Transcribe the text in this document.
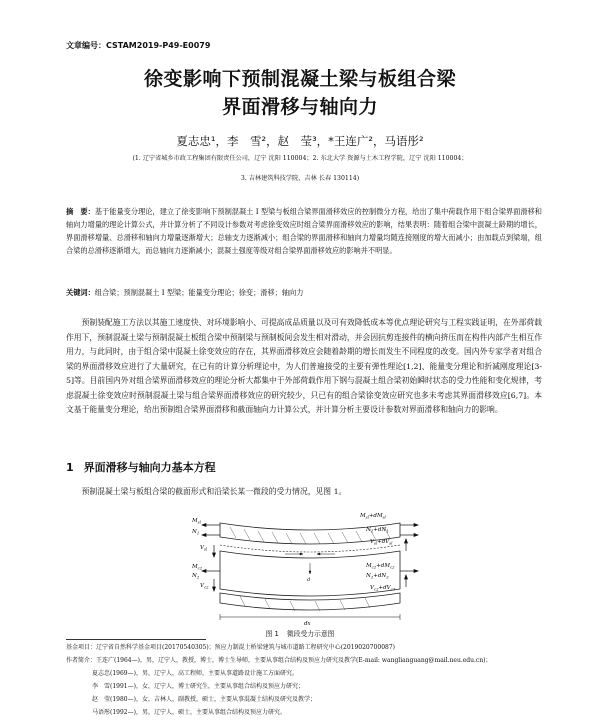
文章编号：CSTAM2019-P49-E0079
徐变影响下预制混凝土梁与板组合梁
界面滑移与轴向力
夏志忠¹，李　雪²，赵　莹³，*王连广²，马语彤²
(1. 辽宁省城乡市政工程集团有限责任公司，辽宁 沈阳 110004；2. 东北大学 资源与土木工程学院，辽宁 沈阳 110004；
3. 吉林建筑科技学院，吉林 长春 130114)
摘　要：基于能量变分理论，建立了徐变影响下预制混凝土 I 型梁与板组合梁界面滑移效应的控制微分方程，给出了集中荷载作用下组合梁界面滑移和轴向力增量的理论计算公式，并计算分析了不同设计参数对考虑徐变效应时组合梁界面滑移效应的影响，结果表明：随着组合梁中混凝土龄期的增长，界面滑移增量、总滑移和轴向力增量逐渐增大；总轴支力逐渐减小；组合梁的界面滑移和轴向力增量均随连接刚度的增大而减小；由加载点到梁端，组合梁的总滑移逐渐增大，而总轴向力逐渐减小；混凝土强度等级对组合梁界面滑移效应的影响并不明显。
关键词：组合梁；预制混凝土 I 型梁；能量变分理论；徐变；滑移；轴向力

预制装配施工方法以其施工速度快、对环境影响小、可提高成品质量以及可有效降低成本等优点理论研究与工程实践证明，在外部荷载作用下，预制混凝土梁与预制混凝土板组合梁中预制梁与预制板间会发生相对滑动，并会因抗剪连接件的横向挤压而在构件内部产生相互作用力，与此同时，由于组合梁中混凝土徐变效应的存在，其界面滑移效应会随着龄期的增长而发生不同程度的改变。国内外专家学者对组合梁的界面滑移效应进行了大量研究，在已有的计算分析理论中，为人们普遍接受的主要有弹性理论[1,2]、能量变分理论和折减刚度理论[3-5]等。目前国内外对组合梁界面滑移效应的理论分析大都集中于外部荷载作用下钢与混凝土组合梁初始瞬时状态的受力性能和变化规律，考虑混凝土徐变效应时预制混凝土梁与组合梁界面滑移效应的研究较少，只已有的组合梁徐变效应研究也多未考虑其界面滑移效应[6,7]。本文基于能量变分理论，给出预制组合梁界面滑移和截面轴向力计算公式，并计算分析主要设计参数对界面滑移和轴向力的影响。

1 界面滑移与轴向力基本方程

预制混凝土梁与板组合梁的截面形式和沿梁长某一微段的受力情况，见图 1。

$M_{sl}$
$N_1$
$V_{sl}$
$M_{c2}$
$N_2$
$V_{c2}$
$M_{sl}+dM_{sl}$
$N_1+dN_1$
$V_{sl}+dV_{sl}$
$M_{c2}+dM_{c2}$
$N_2+dN_2$
$V_{c2}+dV_{c2}$
d
dx
图 1 微段受力示意图
基金项目：辽宁省自然科学基金项目(20170540305)；预应力制混土桥梁建筑与城市道路工程研究中心(2019020700087)
作者简介：王连广(1964—)，男，辽宁人，教授，博士，博士生导师，主要从事组合结构及预应力研究及教学(E-mail: wanglianguang@mail.neu.edu.cn)；
夏志忠(1969—)，男，辽宁人，高工程师，主要从事道路设计施工方面研究。
李　雪(1991—)，女，辽宁人，博士研究生，主要从事组合结构及预应力研究；
赵　莹(1980—)，女，吉林人，副教授，硕士，主要从事混凝土结构及研究及教学；
马语彤(1992—)，男，辽宁人，硕士，主要从事组合结构及预应力研究。
